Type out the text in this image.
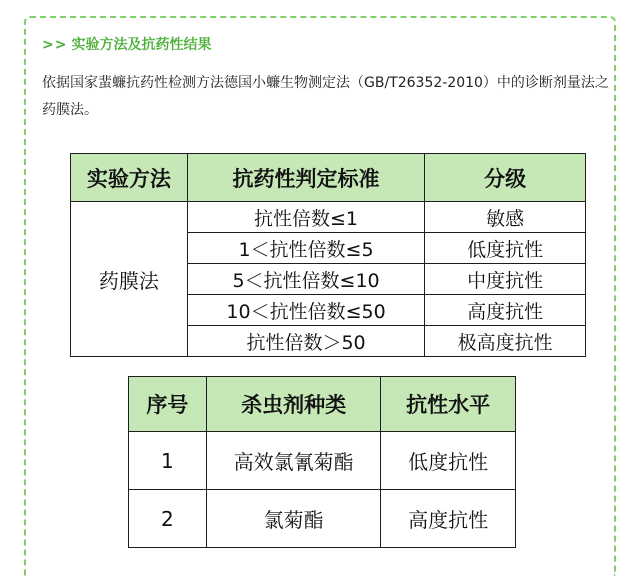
>> 实验方法及抗药性结果
依据国家蜚蠊抗药性检测方法德国小蠊生物测定法（GB/T26352-2010）中的诊断剂量法之药膜法。
实验方法	抗药性判定标准	分级
药膜法	抗性倍数≤1	敏感
	1＜抗性倍数≤5	低度抗性
	5＜抗性倍数≤10	中度抗性
	10＜抗性倍数≤50	高度抗性
	抗性倍数＞50	极高度抗性
序号	杀虫剂种类	抗性水平
1	高效氯氰菊酯	低度抗性
2	氯菊酯	高度抗性
